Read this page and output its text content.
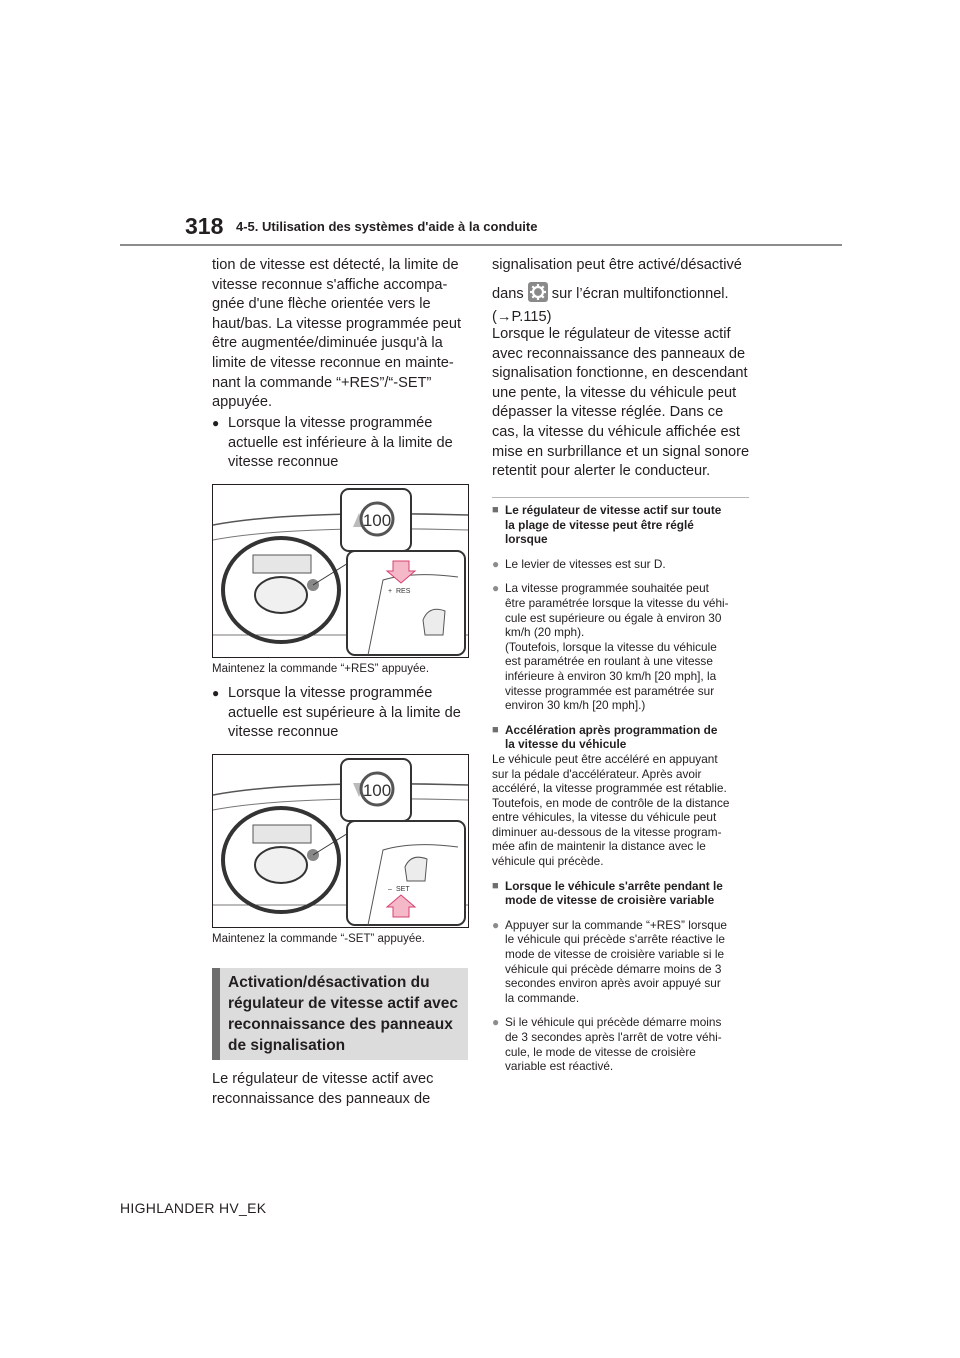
318 4-5. Utilisation des systèmes d'aide à la conduite

tion de vitesse est détecté, la limite de

vitesse reconnue s'affiche accompa-

gnée d'une flèche orientée vers le

haut/bas. La vitesse programmée peut

être augmentée/diminuée jusqu'à la

limite de vitesse reconnue en mainte-

nant la commande “+RES”/“-SET”

appuyée.

● Lorsque la vitesse programmée
actuelle est inférieure à la limite de
vitesse reconnue
100
+ RES

Maintenez la commande “+RES” appuyée.

● Lorsque la vitesse programmée
actuelle est supérieure à la limite de
vitesse reconnue
100
– SET

Maintenez la commande “-SET” appuyée.

Activation/désactivation du
régulateur de vitesse actif avec
reconnaissance des panneaux
de signalisation

Le régulateur de vitesse actif avec

reconnaissance des panneaux de

signalisation peut être activé/désactivé

dans sur l’écran multifonctionnel.

(→P.115)

Lorsque le régulateur de vitesse actif

avec reconnaissance des panneaux de

signalisation fonctionne, en descendant

une pente, la vitesse du véhicule peut

dépasser la vitesse réglée. Dans ce

cas, la vitesse du véhicule affichée est

mise en surbrillance et un signal sonore

retentit pour alerter le conducteur.

■ Le régulateur de vitesse actif sur toute
la plage de vitesse peut être réglé
lorsque
● Le levier de vitesses est sur D.
● La vitesse programmée souhaitée peut
être paramétrée lorsque la vitesse du véhi-
cule est supérieure ou égale à environ 30
km/h (20 mph).
(Toutefois, lorsque la vitesse du véhicule
est paramétrée en roulant à une vitesse
inférieure à environ 30 km/h [20 mph], la
vitesse programmée est paramétrée sur
environ 30 km/h [20 mph].)
■ Accélération après programmation de
la vitesse du véhicule

Le véhicule peut être accéléré en appuyant

sur la pédale d'accélérateur. Après avoir

accéléré, la vitesse programmée est rétablie.

Toutefois, en mode de contrôle de la distance

entre véhicules, la vitesse du véhicule peut

diminuer au-dessous de la vitesse program-

mée afin de maintenir la distance avec le

véhicule qui précède.

■ Lorsque le véhicule s'arrête pendant le
mode de vitesse de croisière variable
● Appuyer sur la commande “+RES” lorsque
le véhicule qui précède s'arrête réactive le
mode de vitesse de croisière variable si le
véhicule qui précède démarre moins de 3
secondes environ après avoir appuyé sur
la commande.
● Si le véhicule qui précède démarre moins
de 3 secondes après l'arrêt de votre véhi-
cule, le mode de vitesse de croisière
variable est réactivé.
HIGHLANDER HV_EK
